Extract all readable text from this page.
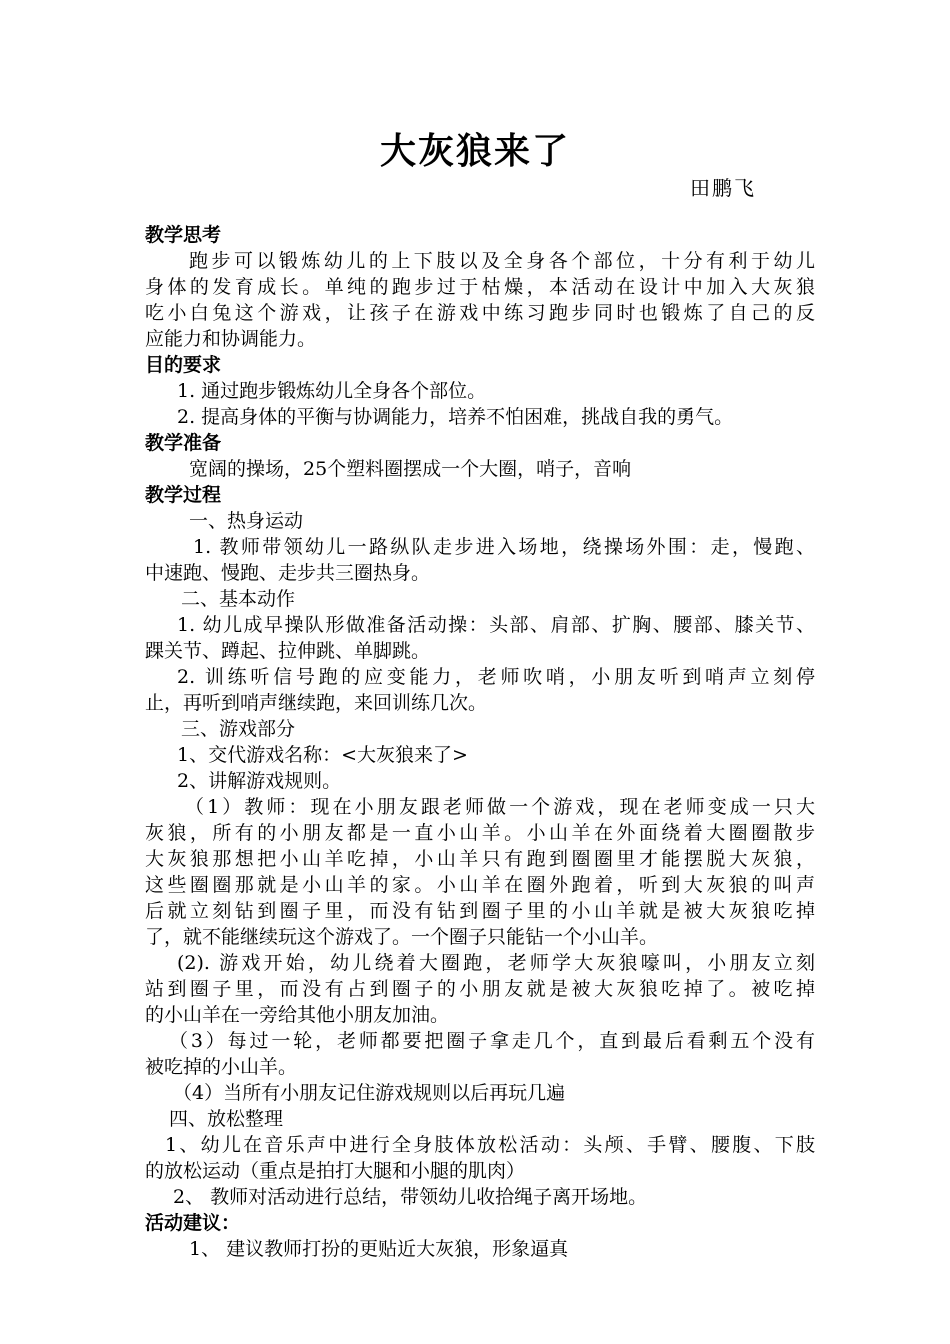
大灰狼来了
田鹏飞
教学思考
跑步可以锻炼幼儿的上下肢以及全身各个部位，十分有利于幼儿
身体的发育成长。单纯的跑步过于枯燥，本活动在设计中加入大灰狼
吃小白兔这个游戏，让孩子在游戏中练习跑步同时也锻炼了自己的反
应能力和协调能力。
目的要求
1. 通过跑步锻炼幼儿全身各个部位。
2. 提高身体的平衡与协调能力，培养不怕困难，挑战自我的勇气。
教学准备
宽阔的操场，25个塑料圈摆成一个大圈，哨子，音响
教学过程
一、热身运动
1. 教师带领幼儿一路纵队走步进入场地，绕操场外围：走，慢跑、
中速跑、慢跑、走步共三圈热身。
二、基本动作
1. 幼儿成早操队形做准备活动操：头部、肩部、扩胸、腰部、膝关节、
踝关节、蹲起、拉伸跳、单脚跳。
2. 训练听信号跑的应变能力，老师吹哨，小朋友听到哨声立刻停
止，再听到哨声继续跑，来回训练几次。
三、游戏部分
1、交代游戏名称：<大灰狼来了>
2、讲解游戏规则。
（1）教师：现在小朋友跟老师做一个游戏，现在老师变成一只大
灰狼，所有的小朋友都是一直小山羊。小山羊在外面绕着大圈圈散步
大灰狼那想把小山羊吃掉，小山羊只有跑到圈圈里才能摆脱大灰狼，
这些圈圈那就是小山羊的家。小山羊在圈外跑着，听到大灰狼的叫声
后就立刻钻到圈子里，而没有钻到圈子里的小山羊就是被大灰狼吃掉
了，就不能继续玩这个游戏了。一个圈子只能钻一个小山羊。
(2). 游戏开始，幼儿绕着大圈跑，老师学大灰狼嚎叫，小朋友立刻
站到圈子里，而没有占到圈子的小朋友就是被大灰狼吃掉了。被吃掉
的小山羊在一旁给其他小朋友加油。
（3）每过一轮，老师都要把圈子拿走几个，直到最后看剩五个没有
被吃掉的小山羊。
（4）当所有小朋友记住游戏规则以后再玩几遍
四、放松整理
1、幼儿在音乐声中进行全身肢体放松活动：头颅、手臂、腰腹、下肢
的放松运动（重点是拍打大腿和小腿的肌肉）
2、 教师对活动进行总结，带领幼儿收拾绳子离开场地。
活动建议：
1、 建议教师打扮的更贴近大灰狼，形象逼真
